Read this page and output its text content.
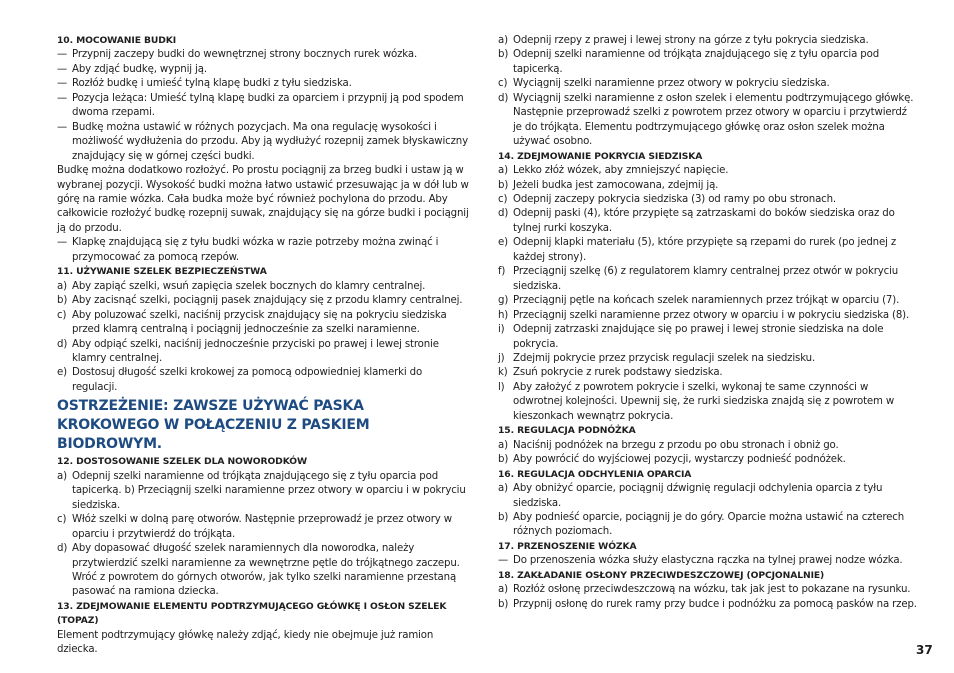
10. MOCOWANIE BUDKI
— Przypnij zaczepy budki do wewnętrznej strony bocznych rurek wózka.
— Aby zdjąć budkę, wypnij ją.
— Rozłóż budkę i umieść tylną klapę budki z tyłu siedziska.
— Pozycja leżąca: Umieść tylną klapę budki za oparciem i przypnij ją pod spodem dwoma rzepami.
— Budkę można ustawić w różnych pozycjach. Ma ona regulację wysokości i możliwość wydłużenia do przodu. Aby ją wydłużyć rozepnij zamek błyskawiczny znajdujący się w górnej części budki.
Budkę można dodatkowo rozłożyć. Po prostu pociągnij za brzeg budki i ustaw ją w wybranej pozycji. Wysokość budki można łatwo ustawić przesuwając ja w dół lub w górę na ramie wózka. Cała budka może być również pochylona do przodu. Aby całkowicie rozłożyć budkę rozepnij suwak, znajdujący się na górze budki i pociągnij ją do przodu.
— Klapkę znajdującą się z tyłu budki wózka w razie potrzeby można zwinąć i przymocować za pomocą rzepów.
11. UŻYWANIE SZELEK BEZPIECZEŃSTWA
a) Aby zapiąć szelki, wsuń zapięcia szelek bocznych do klamry centralnej.
b) Aby zacisnąć szelki, pociągnij pasek znajdujący się z przodu klamry centralnej.
c) Aby poluzować szelki, naciśnij przycisk znajdujący się na pokryciu siedziska przed klamrą centralną i pociągnij jednocześnie za szelki naramienne.
d) Aby odpiąć szelki, naciśnij jednocześnie przyciski po prawej i lewej stronie klamry centralnej.
e) Dostosuj długość szelki krokowej za pomocą odpowiedniej klamerki do regulacji.
OSTRZEŻENIE: ZAWSZE UŻYWAĆ PASKA KROKOWEGO W POŁĄCZENIU Z PASKIEM BIODROWYM.
12. DOSTOSOWANIE SZELEK DLA NOWORODKÓW
a) Odepnij szelki naramienne od trójkąta znajdującego się z tyłu oparcia pod tapicerką. b) Przeciągnij szelki naramienne przez otwory w oparciu i w pokryciu siedziska.
c) Włóż szelki w dolną parę otworów. Następnie przeprowadź je przez otwory w oparciu i przytwierdź do trójkąta.
d) Aby dopasować długość szelek naramiennych dla noworodka, należy przytwierdzić szelki naramienne za wewnętrzne pętle do trójkątnego zaczepu. Wróć z powrotem do górnych otworów, jak tylko szelki naramienne przestaną pasować na ramiona dziecka.
13. ZDEJMOWANIE ELEMENTU PODTRZYMUJĄCEGO GŁÓWKĘ I OSŁON SZELEK (TOPAZ)
Element podtrzymujący główkę należy zdjąć, kiedy nie obejmuje już ramion dziecka.
a) Odepnij rzepy z prawej i lewej strony na górze z tyłu pokrycia siedziska.
b) Odepnij szelki naramienne od trójkąta znajdującego się z tyłu oparcia pod tapicerką.
c) Wyciągnij szelki naramienne przez otwory w pokryciu siedziska.
d) Wyciągnij szelki naramienne z osłon szelek i elementu podtrzymującego główkę. Następnie przeprowadź szelki z powrotem przez otwory w oparciu i przytwierdź je do trójkąta. Elementu podtrzymującego główkę oraz osłon szelek można używać osobno.
14. ZDEJMOWANIE POKRYCIA SIEDZISKA
a) Lekko złóż wózek, aby zmniejszyć napięcie.
b) Jeżeli budka jest zamocowana, zdejmij ją.
c) Odepnij zaczepy pokrycia siedziska (3) od ramy po obu stronach.
d) Odepnij paski (4), które przypięte są zatrzaskami do boków siedziska oraz do tylnej rurki koszyka.
e) Odepnij klapki materiału (5), które przypięte są rzepami do rurek (po jednej z każdej strony).
f) Przeciągnij szelkę (6) z regulatorem klamry centralnej przez otwór w pokryciu siedziska.
g) Przeciągnij pętle na końcach szelek naramiennych przez trójkąt w oparciu (7).
h) Przeciągnij szelki naramienne przez otwory w oparciu i w pokryciu siedziska (8).
i) Odepnij zatrzaski znajdujące się po prawej i lewej stronie siedziska na dole pokrycia.
j) Zdejmij pokrycie przez przycisk regulacji szelek na siedzisku.
k) Zsuń pokrycie z rurek podstawy siedziska.
l) Aby założyć z powrotem pokrycie i szelki, wykonaj te same czynności w odwrotnej kolejności. Upewnij się, że rurki siedziska znajdą się z powrotem w kieszonkach wewnątrz pokrycia.
15. REGULACJA PODNÓŻKA
a) Naciśnij podnóżek na brzegu z przodu po obu stronach i obniż go.
b) Aby powrócić do wyjściowej pozycji, wystarczy podnieść podnóżek.
16. REGULACJA ODCHYLENIA OPARCIA
a) Aby obniżyć oparcie, pociągnij dźwignię regulacji odchylenia oparcia z tyłu siedziska.
b) Aby podnieść oparcie, pociągnij je do góry. Oparcie można ustawić na czterech różnych poziomach.
17. PRZENOSZENIE WÓZKA
— Do przenoszenia wózka służy elastyczna rączka na tylnej prawej nodze wózka.
18. ZAKŁADANIE OSŁONY PRZECIWDESZCZOWEJ (OPCJONALNIE)
a) Rozłóż osłonę przeciwdeszczową na wózku, tak jak jest to pokazane na rysunku.
b) Przypnij osłonę do rurek ramy przy budce i podnóżku za pomocą pasków na rzep.
37
